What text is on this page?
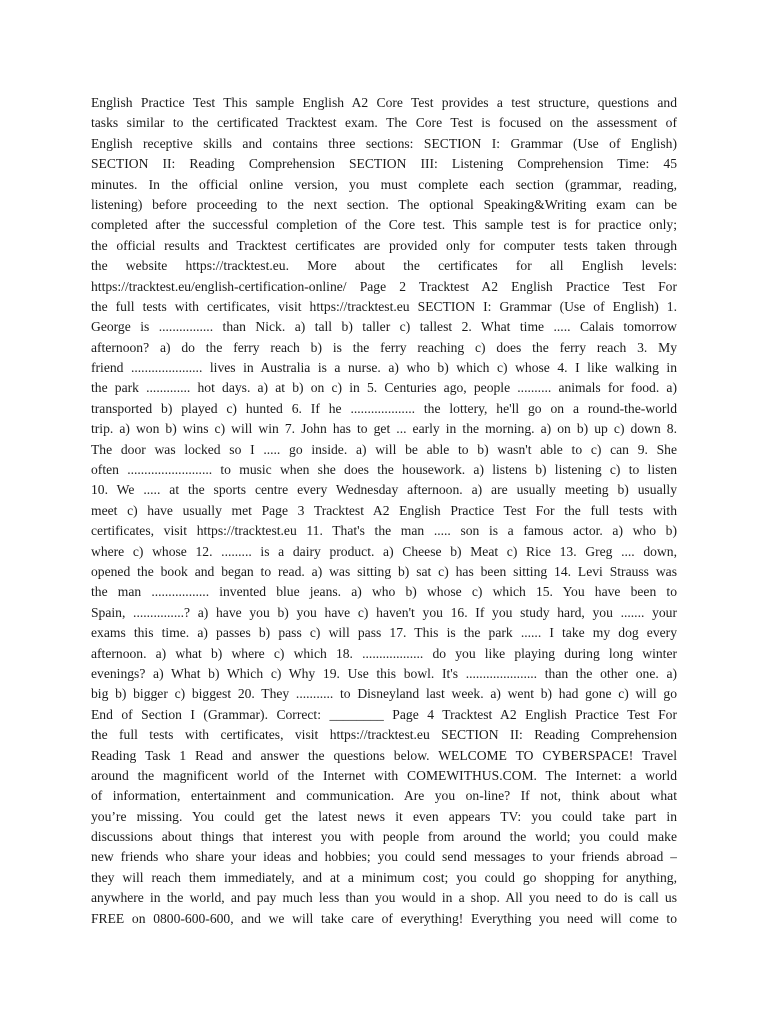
English Practice Test This sample English A2 Core Test provides a test structure, questions and
tasks similar to the certificated Tracktest exam. The Core Test is focused on the assessment of
English receptive skills and contains three sections: SECTION I: Grammar (Use of English)
SECTION II: Reading Comprehension SECTION III: Listening Comprehension Time: 45
minutes. In the official online version, you must complete each section (grammar, reading,
listening) before proceeding to the next section. The optional Speaking&Writing exam can be
completed after the successful completion of the Core test. This sample test is for practice only;
the official results and Tracktest certificates are provided only for computer tests taken through
the website https://tracktest.eu. More about the certificates for all English levels:
https://tracktest.eu/english-certification-online/ Page 2 Tracktest A2 English Practice Test For
the full tests with certificates, visit https://tracktest.eu SECTION I: Grammar (Use of English) 1.
George is ................ than Nick. a) tall b) taller c) tallest 2. What time ..... Calais tomorrow
afternoon? a) do the ferry reach b) is the ferry reaching c) does the ferry reach 3. My
friend ..................... lives in Australia is a nurse. a) who b) which c) whose 4. I like walking in
the park ............. hot days. a) at b) on c) in 5. Centuries ago, people .......... animals for food. a)
transported b) played c) hunted 6. If he ................... the lottery, he'll go on a round-the-world
trip. a) won b) wins c) will win 7. John has to get ... early in the morning. a) on b) up c) down 8.
The door was locked so I ..... go inside. a) will be able to b) wasn't able to c) can 9. She
often ......................... to music when she does the housework. a) listens b) listening c) to listen
10. We ..... at the sports centre every Wednesday afternoon. a) are usually meeting b) usually
meet c) have usually met Page 3 Tracktest A2 English Practice Test For the full tests with
certificates, visit https://tracktest.eu 11. That's the man ..... son is a famous actor. a) who b)
where c) whose 12. ......... is a dairy product. a) Cheese b) Meat c) Rice 13. Greg .... down,
opened the book and began to read. a) was sitting b) sat c) has been sitting 14. Levi Strauss was
the man ................. invented blue jeans. a) who b) whose c) which 15. You have been to
Spain, ...............? a) have you b) you have c) haven't you 16. If you study hard, you ....... your
exams this time. a) passes b) pass c) will pass 17. This is the park ...... I take my dog every
afternoon. a) what b) where c) which 18. .................. do you like playing during long winter
evenings? a) What b) Which c) Why 19. Use this bowl. It's ..................... than the other one. a)
big b) bigger c) biggest 20. They ........... to Disneyland last week. a) went b) had gone c) will go
End of Section I (Grammar). Correct: ________ Page 4 Tracktest A2 English Practice Test For
the full tests with certificates, visit https://tracktest.eu SECTION II: Reading Comprehension
Reading Task 1 Read and answer the questions below. WELCOME TO CYBERSPACE! Travel
around the magnificent world of the Internet with COMEWITHUS.COM. The Internet: a world
of information, entertainment and communication. Are you on-line? If not, think about what
you’re missing. You could get the latest news it even appears TV: you could take part in
discussions about things that interest you with people from around the world; you could make
new friends who share your ideas and hobbies; you could send messages to your friends abroad –
they will reach them immediately, and at a minimum cost; you could go shopping for anything,
anywhere in the world, and pay much less than you would in a shop. All you need to do is call us
FREE on 0800-600-600, and we will take care of everything! Everything you need will come to
